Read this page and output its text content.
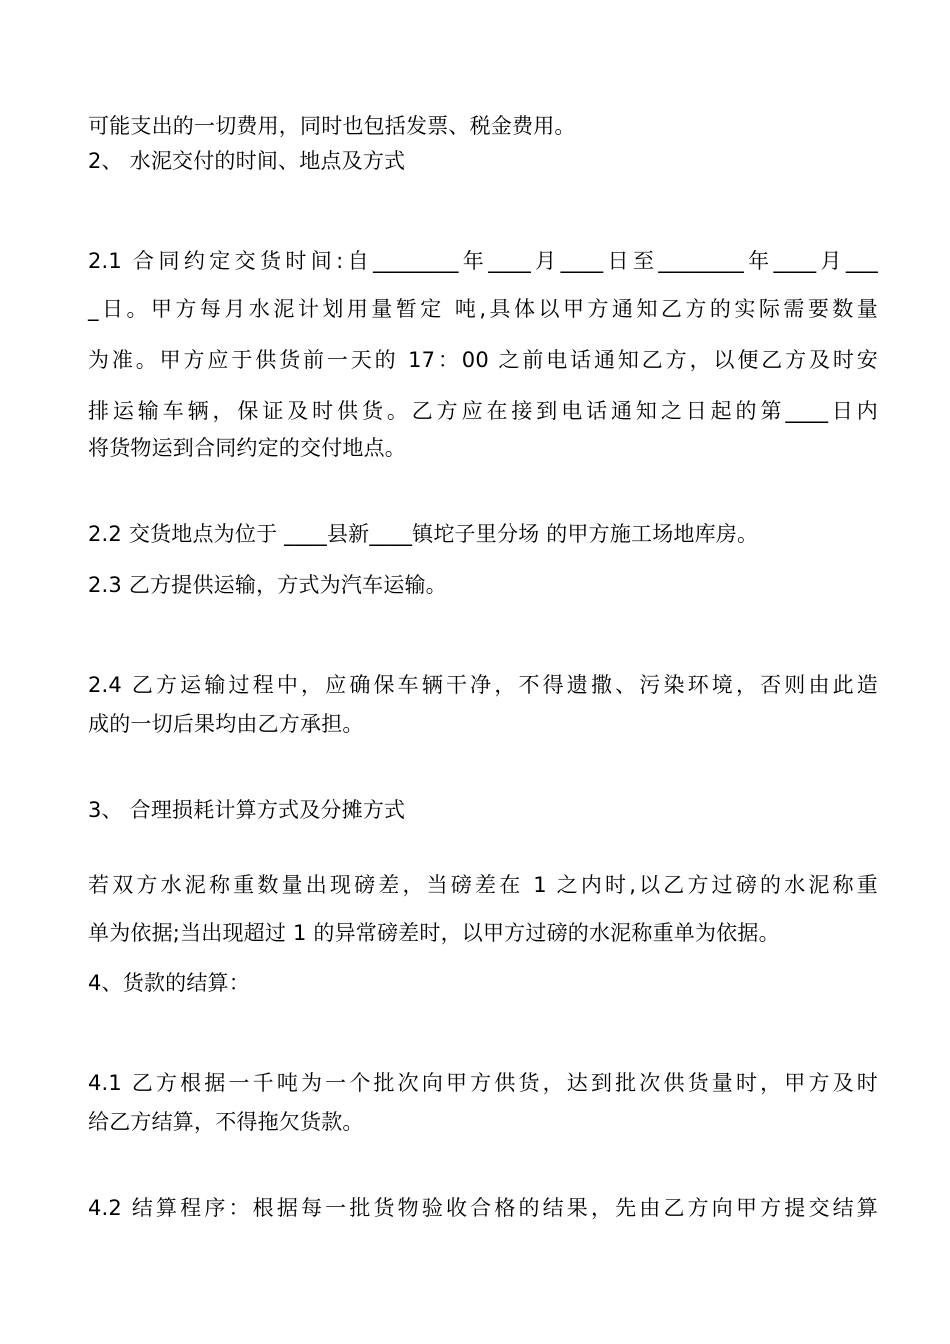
可能支出的一切费用，同时也包括发票、税金费用。
2、 水泥交付的时间、地点及方式
2.1 合同约定交货时间:自________年____月____日至________年____月___
_日。甲方每月水泥计划用量暂定 吨,具体以甲方通知乙方的实际需要数量
为准。甲方应于供货前一天的 17：00 之前电话通知乙方，以便乙方及时安
排运输车辆，保证及时供货。乙方应在接到电话通知之日起的第____日内
将货物运到合同约定的交付地点。
2.2 交货地点为位于 ____县新____镇坨子里分场 的甲方施工场地库房。
2.3 乙方提供运输，方式为汽车运输。
2.4 乙方运输过程中，应确保车辆干净，不得遗撒、污染环境，否则由此造
成的一切后果均由乙方承担。
3、 合理损耗计算方式及分摊方式
若双方水泥称重数量出现磅差，当磅差在 1 之内时,以乙方过磅的水泥称重
单为依据;当出现超过 1 的异常磅差时，以甲方过磅的水泥称重单为依据。
4、货款的结算：
4.1 乙方根据一千吨为一个批次向甲方供货，达到批次供货量时，甲方及时
给乙方结算，不得拖欠货款。
4.2 结算程序：根据每一批货物验收合格的结果，先由乙方向甲方提交结算
